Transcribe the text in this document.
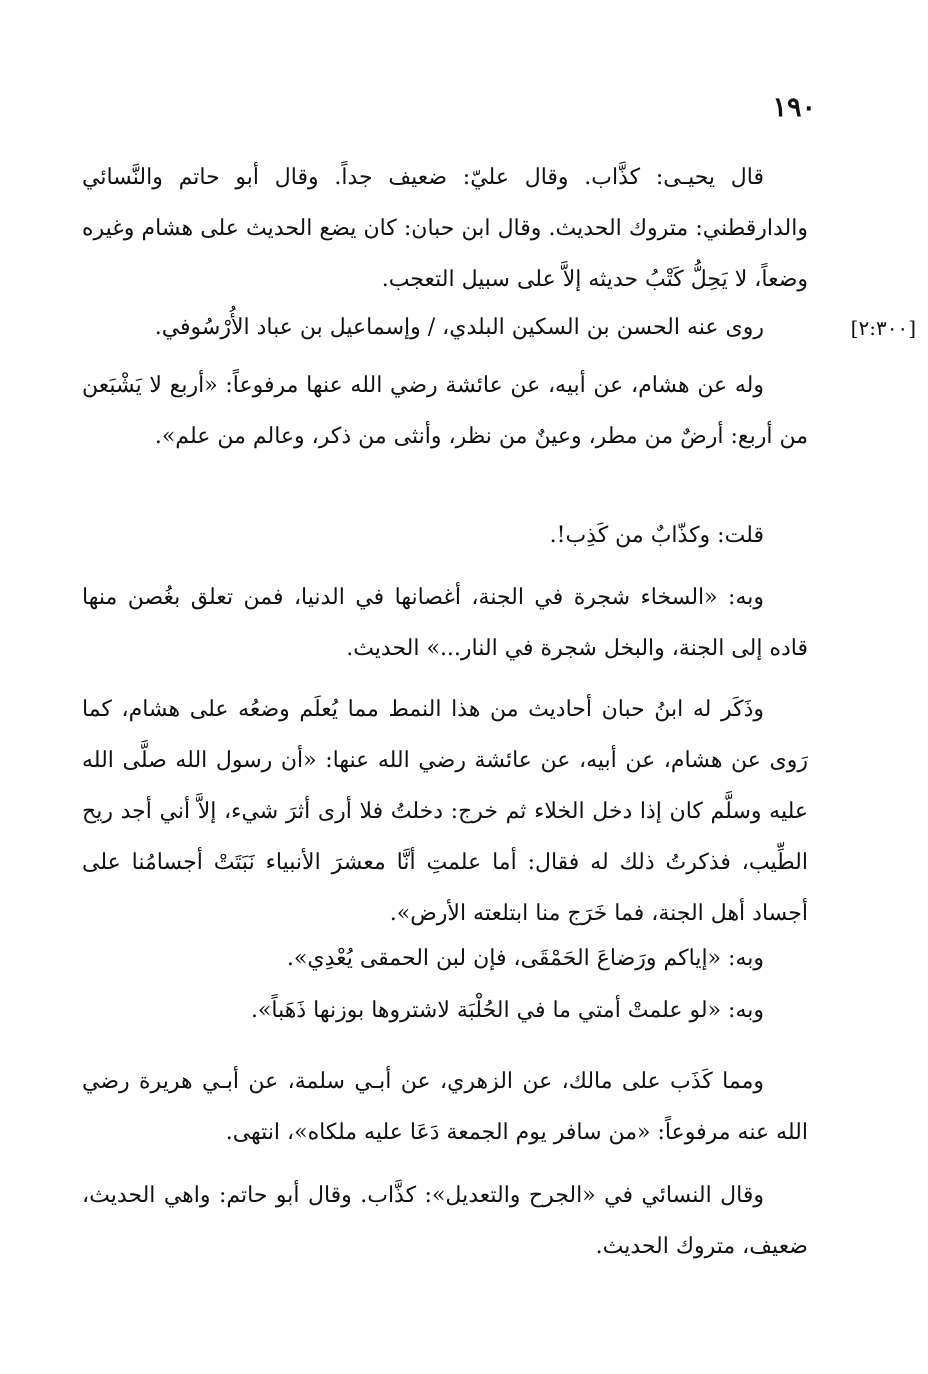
١٩٠
[٢:٣٠٠]

قال يحيـى: كذَّاب. وقال عليّ: ضعيف جداً. وقال أبو حاتم والنَّسائي والدارقطني: متروك الحديث. وقال ابن حبان: كان يضع الحديث على هشام وغيره وضعاً، لا يَحِلُّ كَتْبُ حديثه إلاَّ على سبيل التعجب.

روى عنه الحسن بن السكين البلدي، / وإسماعيل بن عباد الأُرْسُوفي.

وله عن هشام، عن أبيه، عن عائشة رضي الله عنها مرفوعاً: «أربع لا يَشْبَعن من أربع: أرضٌ من مطر، وعينٌ من نظر، وأنثى من ذكر، وعالم من علم».

قلت: وكذّابٌ من كَذِب!.

وبه: «السخاء شجرة في الجنة، أغصانها في الدنيا، فمن تعلق بغُصن منها قاده إلى الجنة، والبخل شجرة في النار...» الحديث.

وذَكَر له ابنُ حبان أحاديث من هذا النمط مما يُعلَم وضعُه على هشام، كما رَوى عن هشام، عن أبيه، عن عائشة رضي الله عنها: «أن رسول الله صلَّى الله عليه وسلَّم كان إذا دخل الخلاء ثم خرج: دخلتُ فلا أرى أثرَ شيء، إلاَّ أني أجد ريح الطِّيب، فذكرتُ ذلك له فقال: أما علمتِ أنَّا معشرَ الأنبياء نَبَتَتْ أجسامُنا على أجساد أهل الجنة، فما خَرَج منا ابتلعته الأرض».

وبه: «إياكم ورَضاعَ الحَمْقَى، فإن لبن الحمقى يُعْدِي».

وبه: «لو علمتْ أمتي ما في الحُلْبَة لاشتروها بوزنها ذَهَباً».

ومما كَذَب على مالك، عن الزهري، عن أبـي سلمة، عن أبـي هريرة رضي الله عنه مرفوعاً: «من سافر يوم الجمعة دَعَا عليه ملكاه»، انتهى.

وقال النسائي في «الجرح والتعديل»: كذَّاب. وقال أبو حاتم: واهي الحديث، ضعيف، متروك الحديث.
